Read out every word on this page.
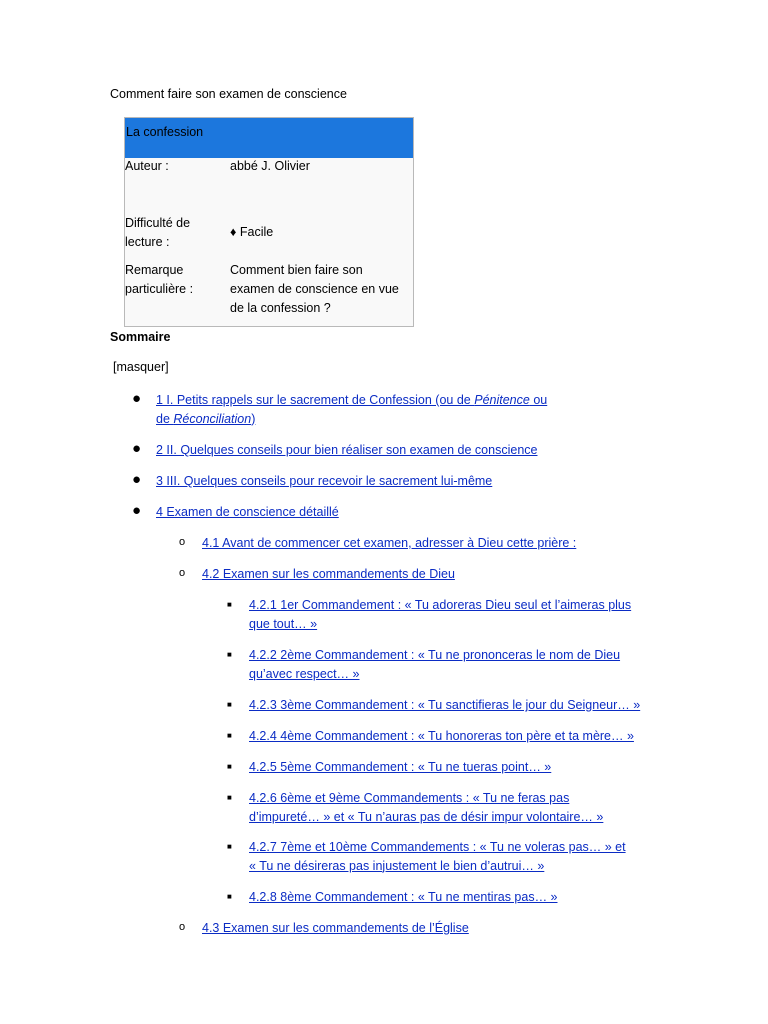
Comment faire son examen de conscience
La confession
Auteur :	abbé J. Olivier
Difficulté de lecture :
♦ Facile
Remarque particulière :
Comment bien faire son examen de conscience en vue de la confession ?
Sommaire
[masquer]
● 1 I. Petits rappels sur le sacrement de Confession (ou de Pénitence ou
de Réconciliation)
● 2 II. Quelques conseils pour bien réaliser son examen de conscience
● 3 III. Quelques conseils pour recevoir le sacrement lui-même
● 4 Examen de conscience détaillé
o 4.1 Avant de commencer cet examen, adresser à Dieu cette prière :
o 4.2 Examen sur les commandements de Dieu
■ 4.2.1 1er Commandement : « Tu adoreras Dieu seul et l’aimeras plus
que tout… »
■ 4.2.2 2ème Commandement : « Tu ne prononceras le nom de Dieu
qu’avec respect… »
■ 4.2.3 3ème Commandement : « Tu sanctifieras le jour du Seigneur… »
■ 4.2.4 4ème Commandement : « Tu honoreras ton père et ta mère… »
■ 4.2.5 5ème Commandement : « Tu ne tueras point… »
■ 4.2.6 6ème et 9ème Commandements : « Tu ne feras pas
d’impureté… » et « Tu n’auras pas de désir impur volontaire… »
■ 4.2.7 7ème et 10ème Commandements : « Tu ne voleras pas… » et
« Tu ne désireras pas injustement le bien d’autrui… »
■ 4.2.8 8ème Commandement : « Tu ne mentiras pas… »
o 4.3 Examen sur les commandements de l’Église
